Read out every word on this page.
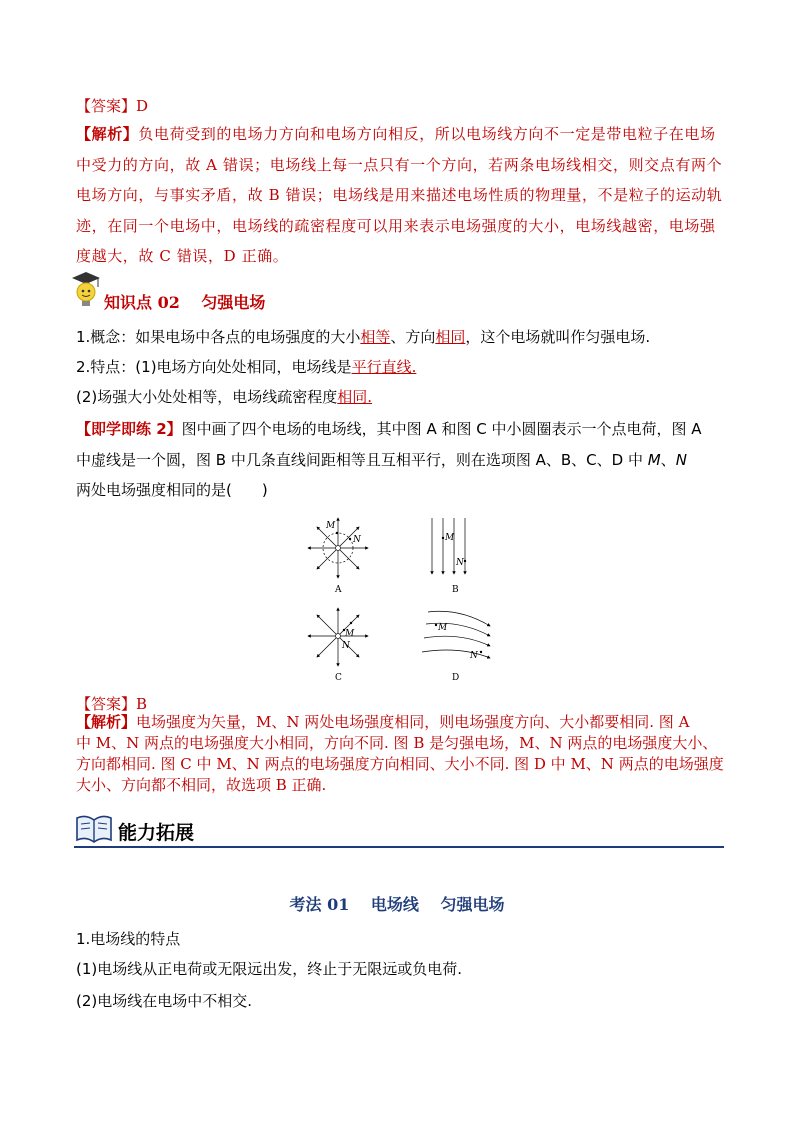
【答案】D
【解析】负电荷受到的电场力方向和电场方向相反，所以电场线方向不一定是带电粒子在电场中受力的方向，故 A 错误；电场线上每一点只有一个方向，若两条电场线相交，则交点有两个电场方向，与事实矛盾，故 B 错误；电场线是用来描述电场性质的物理量，不是粒子的运动轨迹，在同一个电场中，电场线的疏密程度可以用来表示电场强度的大小，电场线越密，电场强度越大，故 C 错误，D 正确。
知识点 02　 匀强电场
1.概念：如果电场中各点的电场强度的大小相等、方向相同，这个电场就叫作匀强电场.
2.特点：(1)电场方向处处相同，电场线是平行直线.
(2)场强大小处处相等，电场线疏密程度相同.
【即学即练 2】图中画了四个电场的电场线，其中图 A 和图 C 中小圆圈表示一个点电荷，图 A
中虚线是一个圆，图 B 中几条直线间距相等且互相平行，则在选项图 A、B、C、D 中 M、N
两处电场强度相同的是(　　)
M
N
A
M
N
B
M
N
C
M
N
D
【答案】B
【解析】电场强度为矢量，M、N 两处电场强度相同，则电场强度方向、大小都要相同. 图 A
中 M、N 两点的电场强度大小相同，方向不同. 图 B 是匀强电场，M、N 两点的电场强度大小、
方向都相同. 图 C 中 M、N 两点的电场强度方向相同、大小不同. 图 D 中 M、N 两点的电场强度
大小、方向都不相同，故选项 B 正确.
能力拓展
考法 01　 电场线　 匀强电场
1.电场线的特点
(1)电场线从正电荷或无限远出发，终止于无限远或负电荷.
(2)电场线在电场中不相交.
